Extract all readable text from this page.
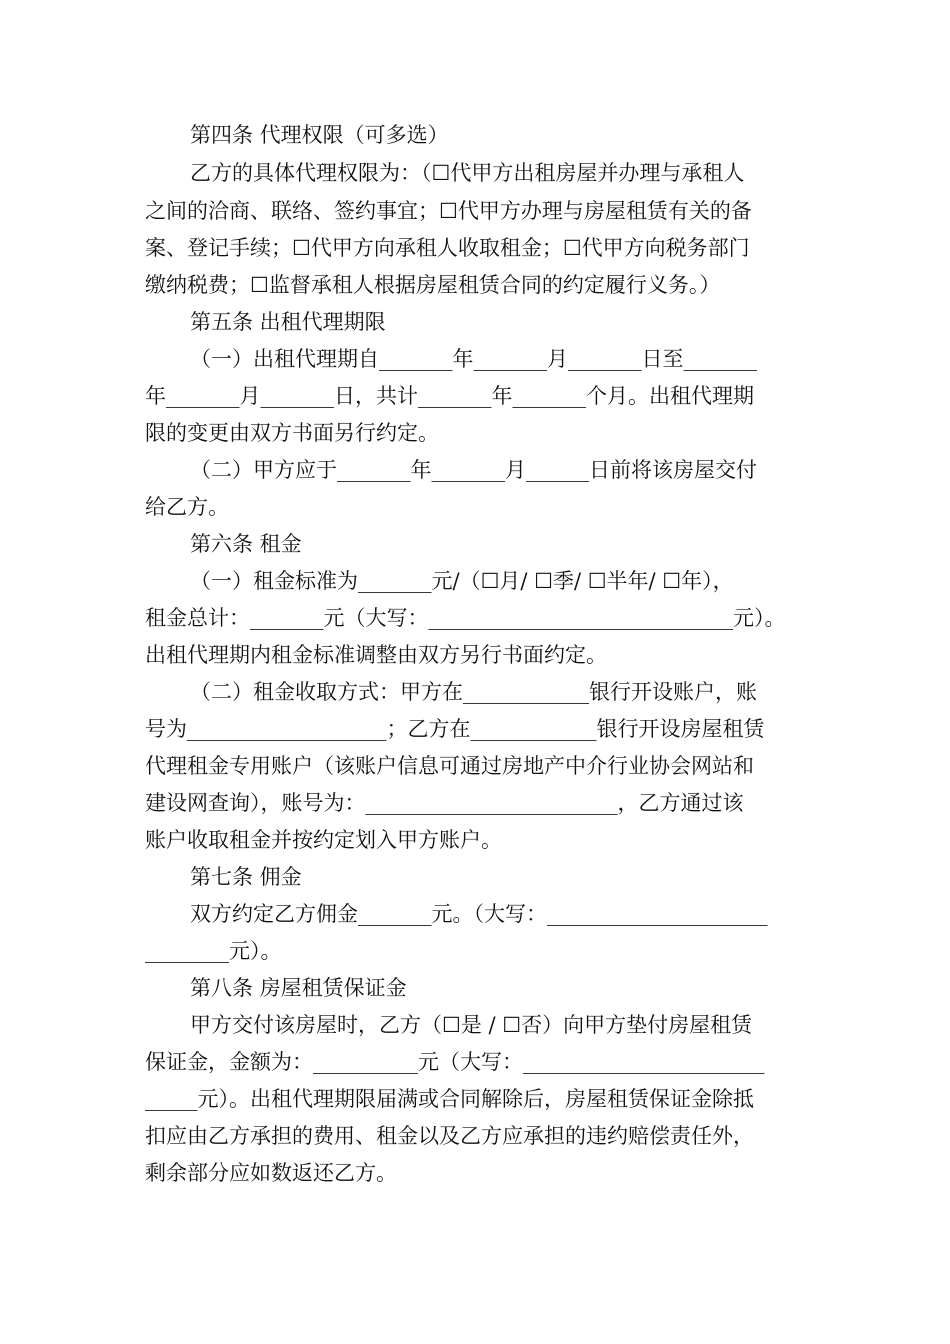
第四条 代理权限（可多选）
乙方的具体代理权限为：（☐代甲方出租房屋并办理与承租人
之间的洽商、联络、签约事宜；☐代甲方办理与房屋租赁有关的备
案、登记手续；☐代甲方向承租人收取租金；☐代甲方向税务部门
缴纳税费；☐监督承租人根据房屋租赁合同的约定履行义务。）
第五条 出租代理期限
（一）出租代理期自_______年_______月_______日至_______
年_______月_______日，共计_______年_______个月。出租代理期
限的变更由双方书面另行约定。
（二）甲方应于_______年_______月______日前将该房屋交付
给乙方。
第六条 租金
（一）租金标准为_______元/（☐月/ ☐季/ ☐半年/ ☐年），
租金总计：_______元（大写：_____________________________元）。
出租代理期内租金标准调整由双方另行书面约定。
（二）租金收取方式：甲方在____________银行开设账户，账
号为___________________；乙方在____________银行开设房屋租赁
代理租金专用账户（该账户信息可通过房地产中介行业协会网站和
建设网查询），账号为：________________________，乙方通过该
账户收取租金并按约定划入甲方账户。
第七条 佣金
双方约定乙方佣金_______元。（大写：_____________________
________元）。
第八条 房屋租赁保证金
甲方交付该房屋时，乙方（☐是 / ☐否）向甲方垫付房屋租赁
保证金，金额为：__________元（大写：_______________________
_____元）。出租代理期限届满或合同解除后，房屋租赁保证金除抵
扣应由乙方承担的费用、租金以及乙方应承担的违约赔偿责任外，
剩余部分应如数返还乙方。
